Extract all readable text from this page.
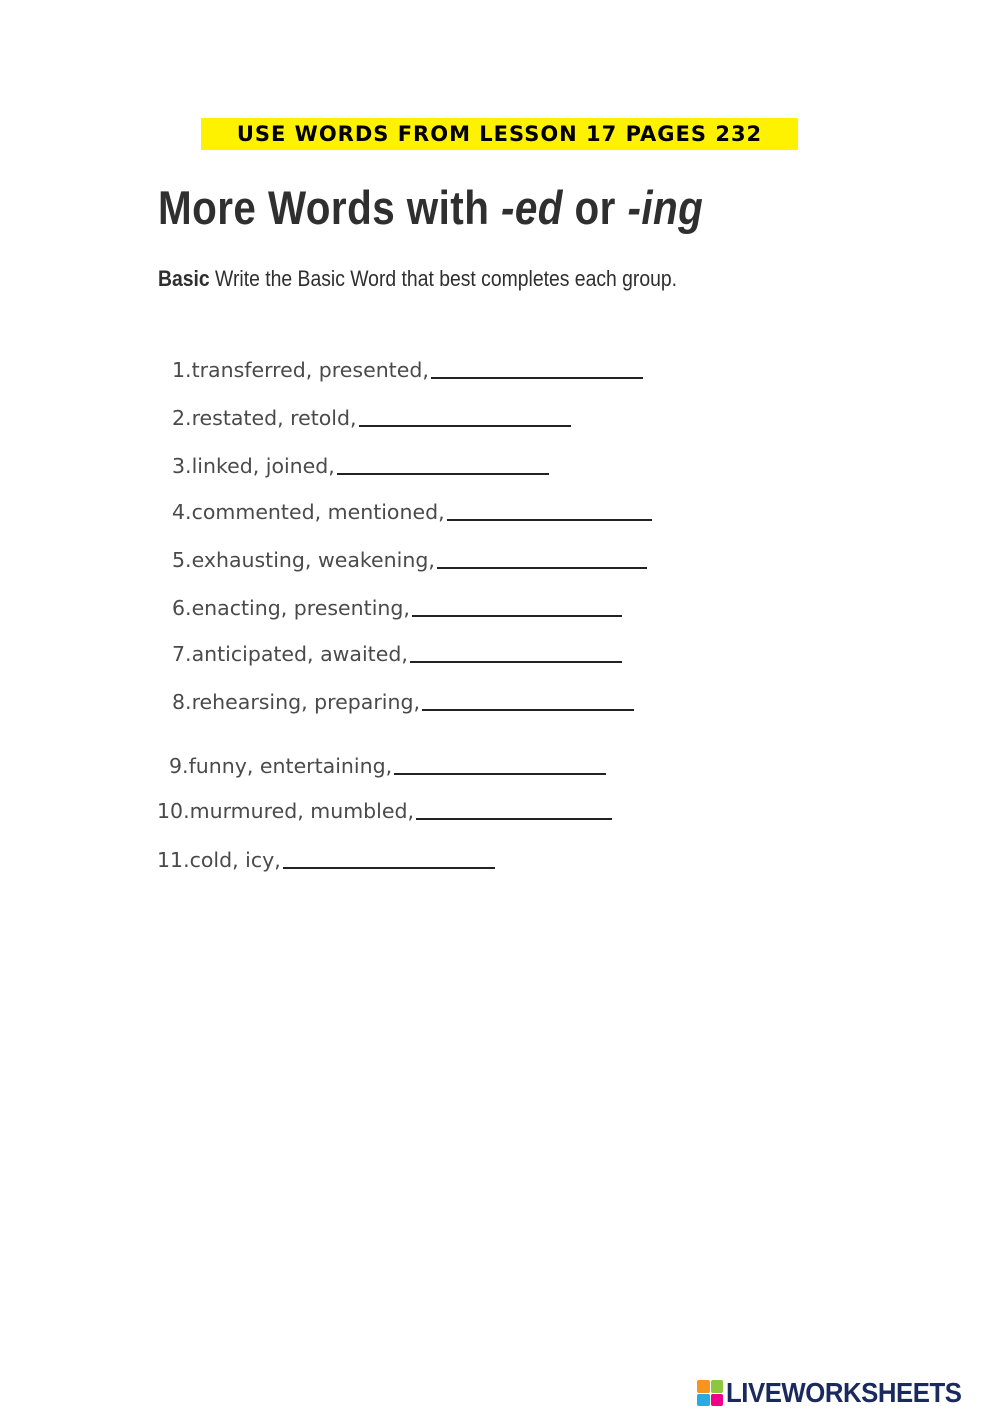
USE WORDS FROM LESSON 17 PAGES 232
More Words with -ed or -ing
Basic Write the Basic Word that best completes each group.
1. transferred, presented,
2. restated, retold,
3. linked, joined,
4. commented, mentioned,
5. exhausting, weakening,
6. enacting, presenting,
7. anticipated, awaited,
8. rehearsing, preparing,
9. funny, entertaining,
10. murmured, mumbled,
11. cold, icy,
LIVEWORKSHEETS
